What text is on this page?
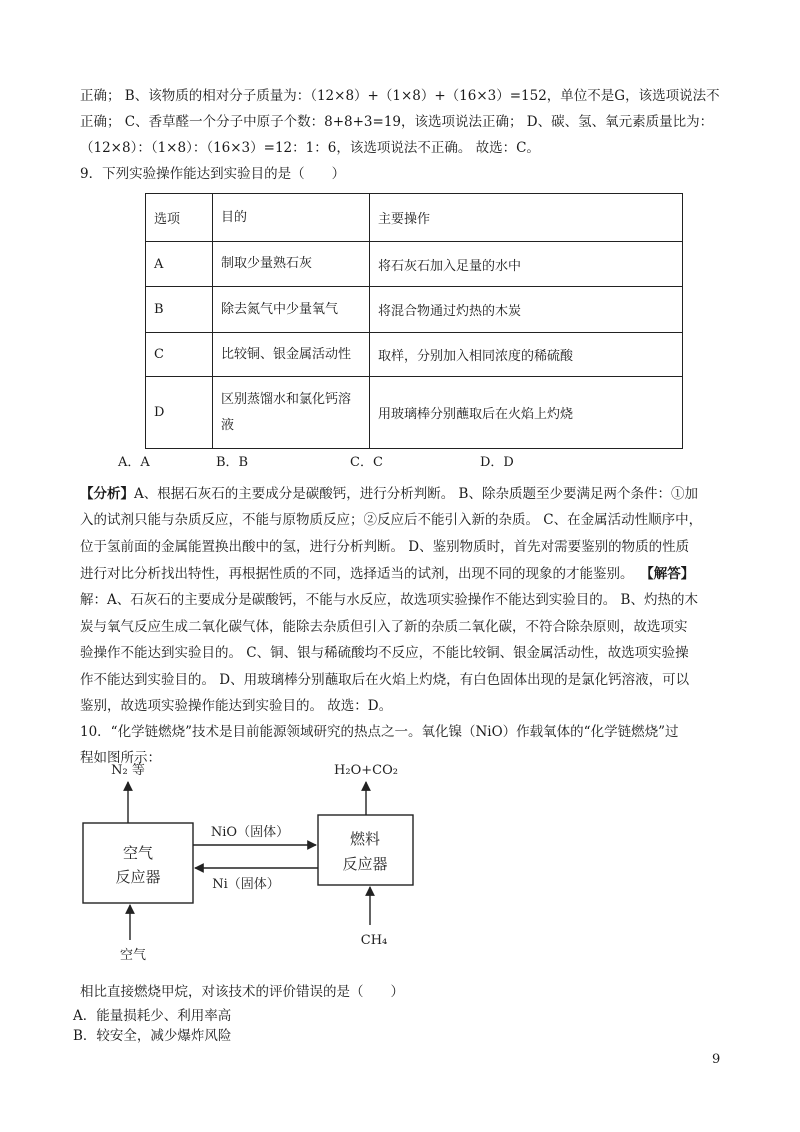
正确； B、该物质的相对分子质量为：（12×8）+（1×8）+（16×3）=152，单位不是G，该选项说法不
正确； C、香草醛一个分子中原子个数：8+8+3=19，该选项说法正确； D、碳、氢、氧元素质量比为：
（12×8）：（1×8）：（16×3）=12：1：6，该选项说法不正确。 故选：C。
9．下列实验操作能达到实验目的是（　　）
选项	目的	主要操作
A	制取少量熟石灰	将石灰石加入足量的水中
B	除去氮气中少量氧气	将混合物通过灼热的木炭
C	比较铜、银金属活动性	取样，分别加入相同浓度的稀硫酸
D	区别蒸馏水和氯化钙溶液	用玻璃棒分别蘸取后在火焰上灼烧
A．A	B．B	C．C	D．D
【分析】A、根据石灰石的主要成分是碳酸钙，进行分析判断。 B、除杂质题至少要满足两个条件：①加
入的试剂只能与杂质反应，不能与原物质反应；②反应后不能引入新的杂质。 C、在金属活动性顺序中，
位于氢前面的金属能置换出酸中的氢，进行分析判断。 D、鉴别物质时，首先对需要鉴别的物质的性质
进行对比分析找出特性，再根据性质的不同，选择适当的试剂，出现不同的现象的才能鉴别。  【解答】
解：A、石灰石的主要成分是碳酸钙，不能与水反应，故选项实验操作不能达到实验目的。 B、灼热的木
炭与氧气反应生成二氧化碳气体，能除去杂质但引入了新的杂质二氧化碳，不符合除杂原则，故选项实
验操作不能达到实验目的。 C、铜、银与稀硫酸均不反应，不能比较铜、银金属活动性，故选项实验操
作不能达到实验目的。 D、用玻璃棒分别蘸取后在火焰上灼烧，有白色固体出现的是氯化钙溶液，可以
鉴别，故选项实验操作能达到实验目的。 故选：D。
10．“化学链燃烧”技术是目前能源领域研究的热点之一。氧化镍（NiO）作载氧体的“化学链燃烧”过
程如图所示：
N₂ 等	H₂O+CO₂
空气
反应器
燃料
反应器
NiO（固体）
Ni（固体）
空气
CH₄
相比直接燃烧甲烷，对该技术的评价错误的是（　　）
A．能量损耗少、利用率高
B．较安全，减少爆炸风险
9
